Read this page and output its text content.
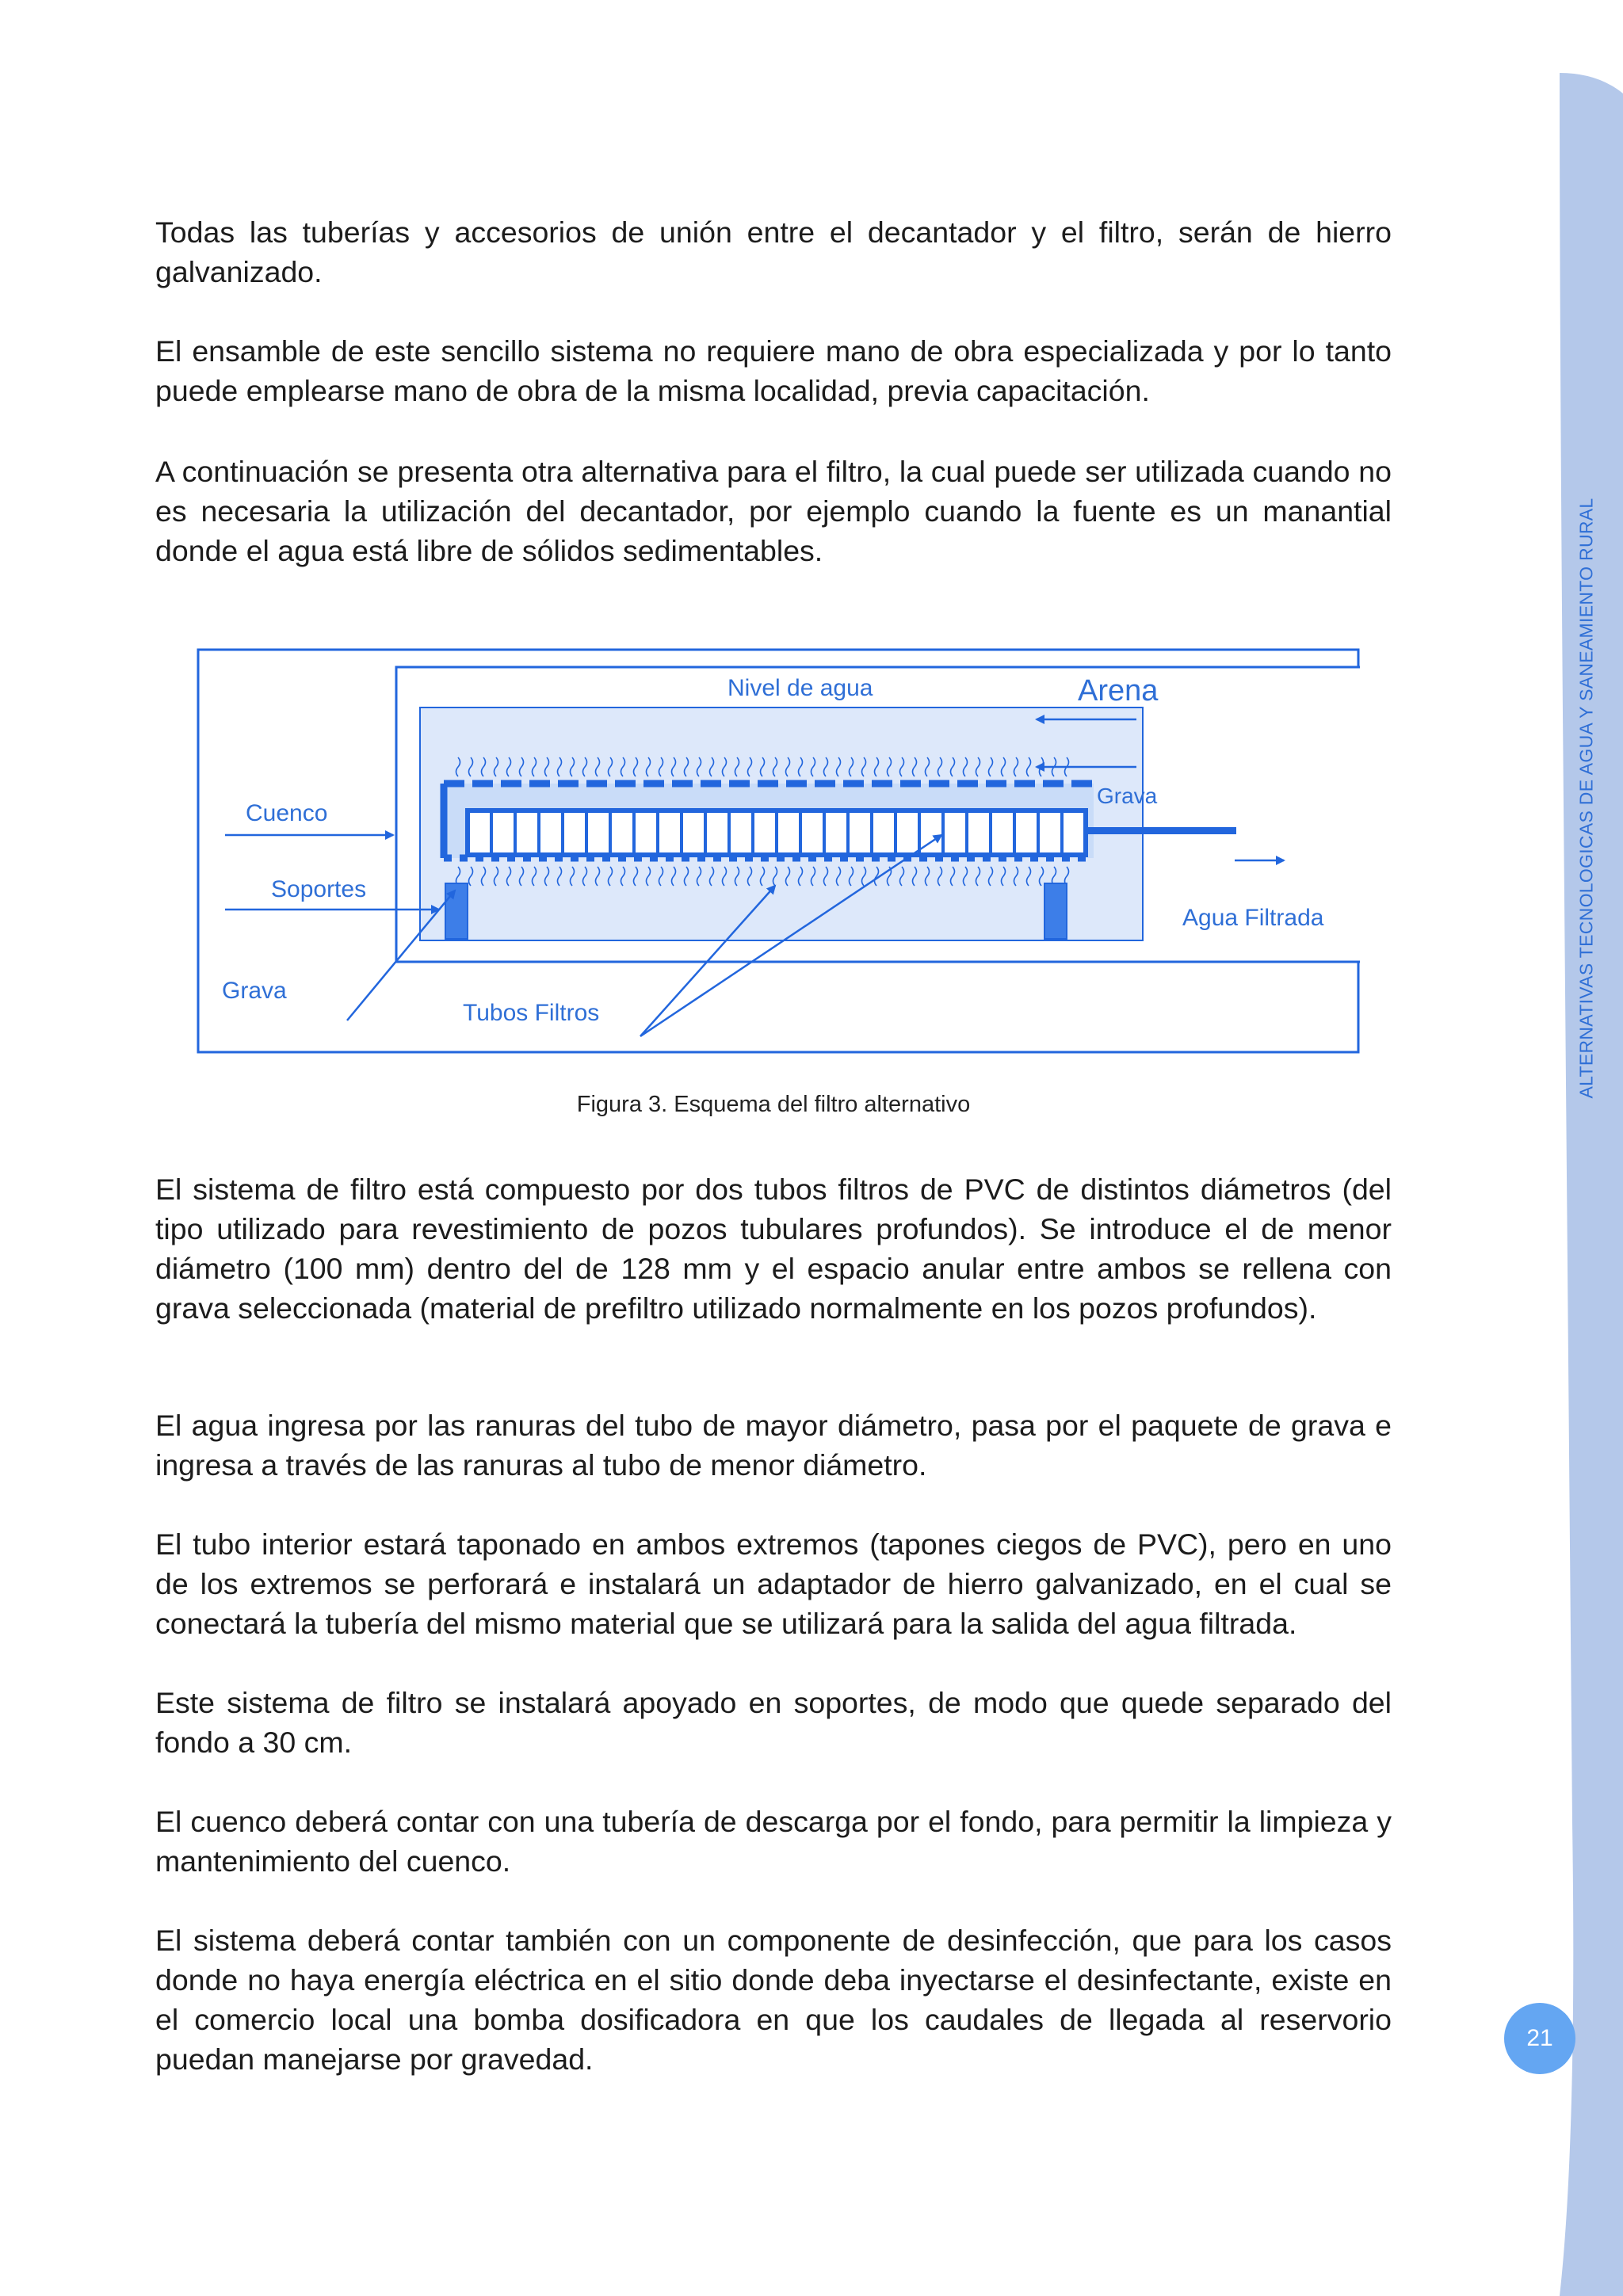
ALTERNATIVAS TECNOLOGICAS DE AGUA Y SANEAMIENTO RURAL
21

Todas las tuberías y accesorios de unión entre el decantador y el filtro, serán de hierro galvanizado.

El ensamble de este sencillo sistema no requiere mano de obra especializada y por lo tanto puede emplearse mano de obra de la misma localidad, previa capacitación.

A continuación se presenta otra alternativa para el filtro, la cual puede ser utilizada cuando no es necesaria la utilización del decantador, por ejemplo cuando la fuente es un manantial donde el agua está libre de sólidos sedimentables.

Nivel de agua	Arena
Grava
Cuenco
Soportes
Agua Filtrada
Grava
Tubos Filtros
Figura 3. Esquema del filtro alternativo

El sistema de filtro está compuesto por dos tubos filtros de PVC de distintos diámetros (del tipo utilizado para revestimiento de pozos tubulares profundos). Se introduce el de menor diámetro (100 mm) dentro del de 128 mm y el espacio anular entre ambos se rellena con grava seleccionada (material de prefiltro utilizado normalmente en los pozos profundos).

El agua ingresa por las ranuras del tubo de mayor diámetro, pasa por el paquete de grava e ingresa a través de las ranuras al tubo de menor diámetro.

El tubo interior estará taponado en ambos extremos (tapones ciegos de PVC), pero en uno de los extremos se perforará e instalará un adaptador de hierro galvanizado, en el cual se conectará la tubería del mismo material que se utilizará para la salida del agua filtrada.

Este sistema de filtro se instalará apoyado en soportes, de modo que quede separado del fondo a 30 cm.

El cuenco deberá contar con una tubería de descarga por el fondo, para permitir la limpieza y mantenimiento del cuenco.

El sistema deberá contar también con un componente de desinfección, que para los casos donde no haya energía eléctrica en el sitio donde deba inyectarse el desinfectante, existe en el comercio local una bomba dosificadora en que los caudales de llegada al reservorio puedan manejarse por gravedad.
